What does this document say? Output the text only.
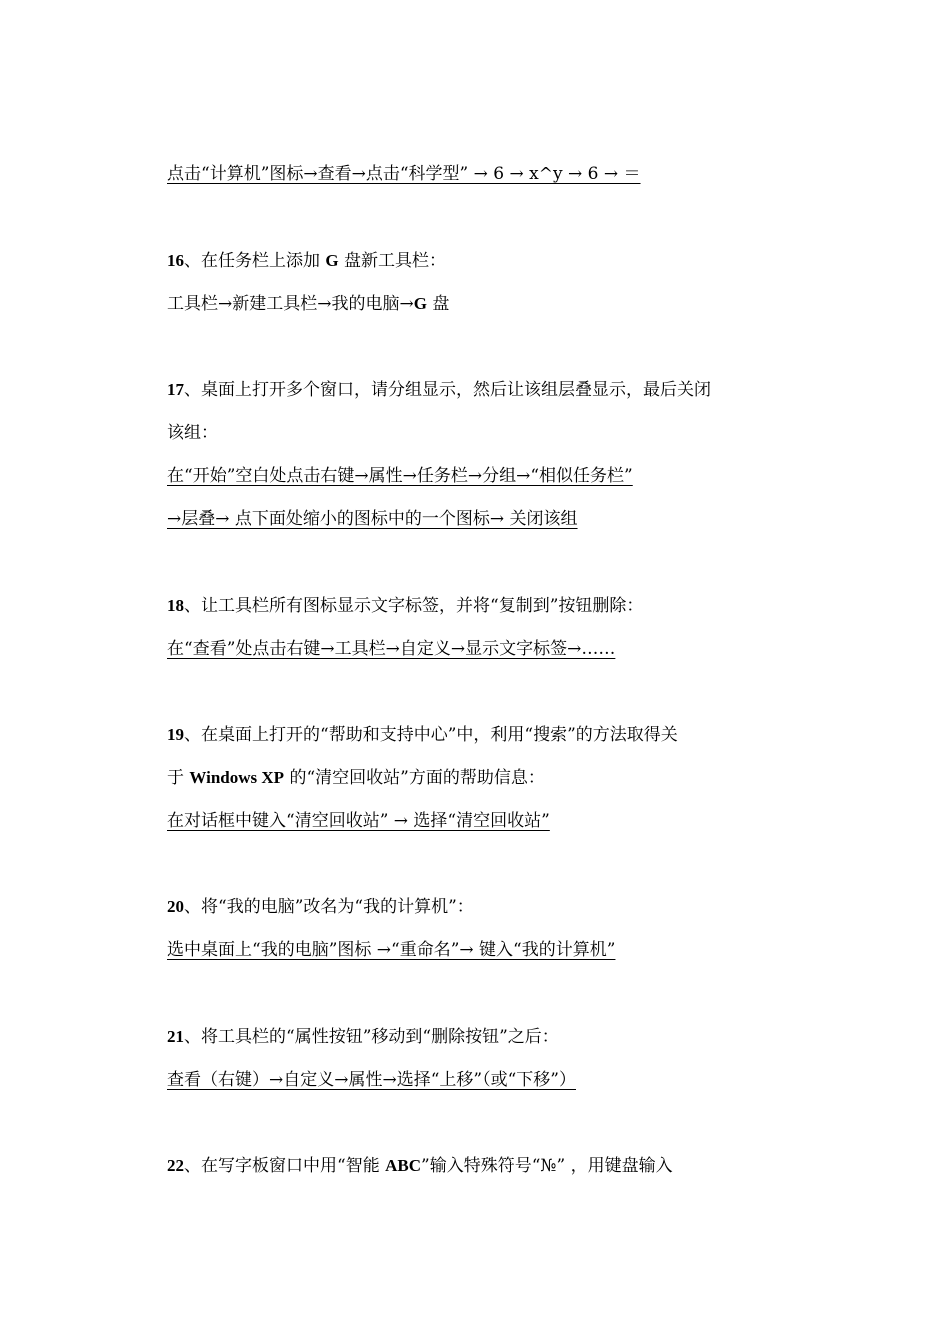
点击“计算机”图标→查看→点击“科学型” → 6 → x^y → 6 → ＝
16、在任务栏上添加 G 盘新工具栏：
工具栏→新建工具栏→我的电脑→G 盘
17、桌面上打开多个窗口，请分组显示，然后让该组层叠显示，最后关闭
该组：
在“开始”空白处点击右键→属性→任务栏→分组→“相似任务栏”
→层叠→ 点下面处缩小的图标中的一个图标→ 关闭该组
18、让工具栏所有图标显示文字标签，并将“复制到”按钮删除：
在“查看”处点击右键→工具栏→自定义→显示文字标签→……
19、在桌面上打开的“帮助和支持中心”中，利用“搜索”的方法取得关
于 Windows XP 的“清空回收站”方面的帮助信息：
在对话框中键入“清空回收站” → 选择“清空回收站”
20、将“我的电脑”改名为“我的计算机”：
选中桌面上“我的电脑”图标 →“重命名”→ 键入“我的计算机”
21、将工具栏的“属性按钮”移动到“删除按钮”之后：
查看（右键）→自定义→属性→选择“上移”（或“下移”）
22、在写字板窗口中用“智能 ABC”输入特殊符号“№” ，用键盘输入
